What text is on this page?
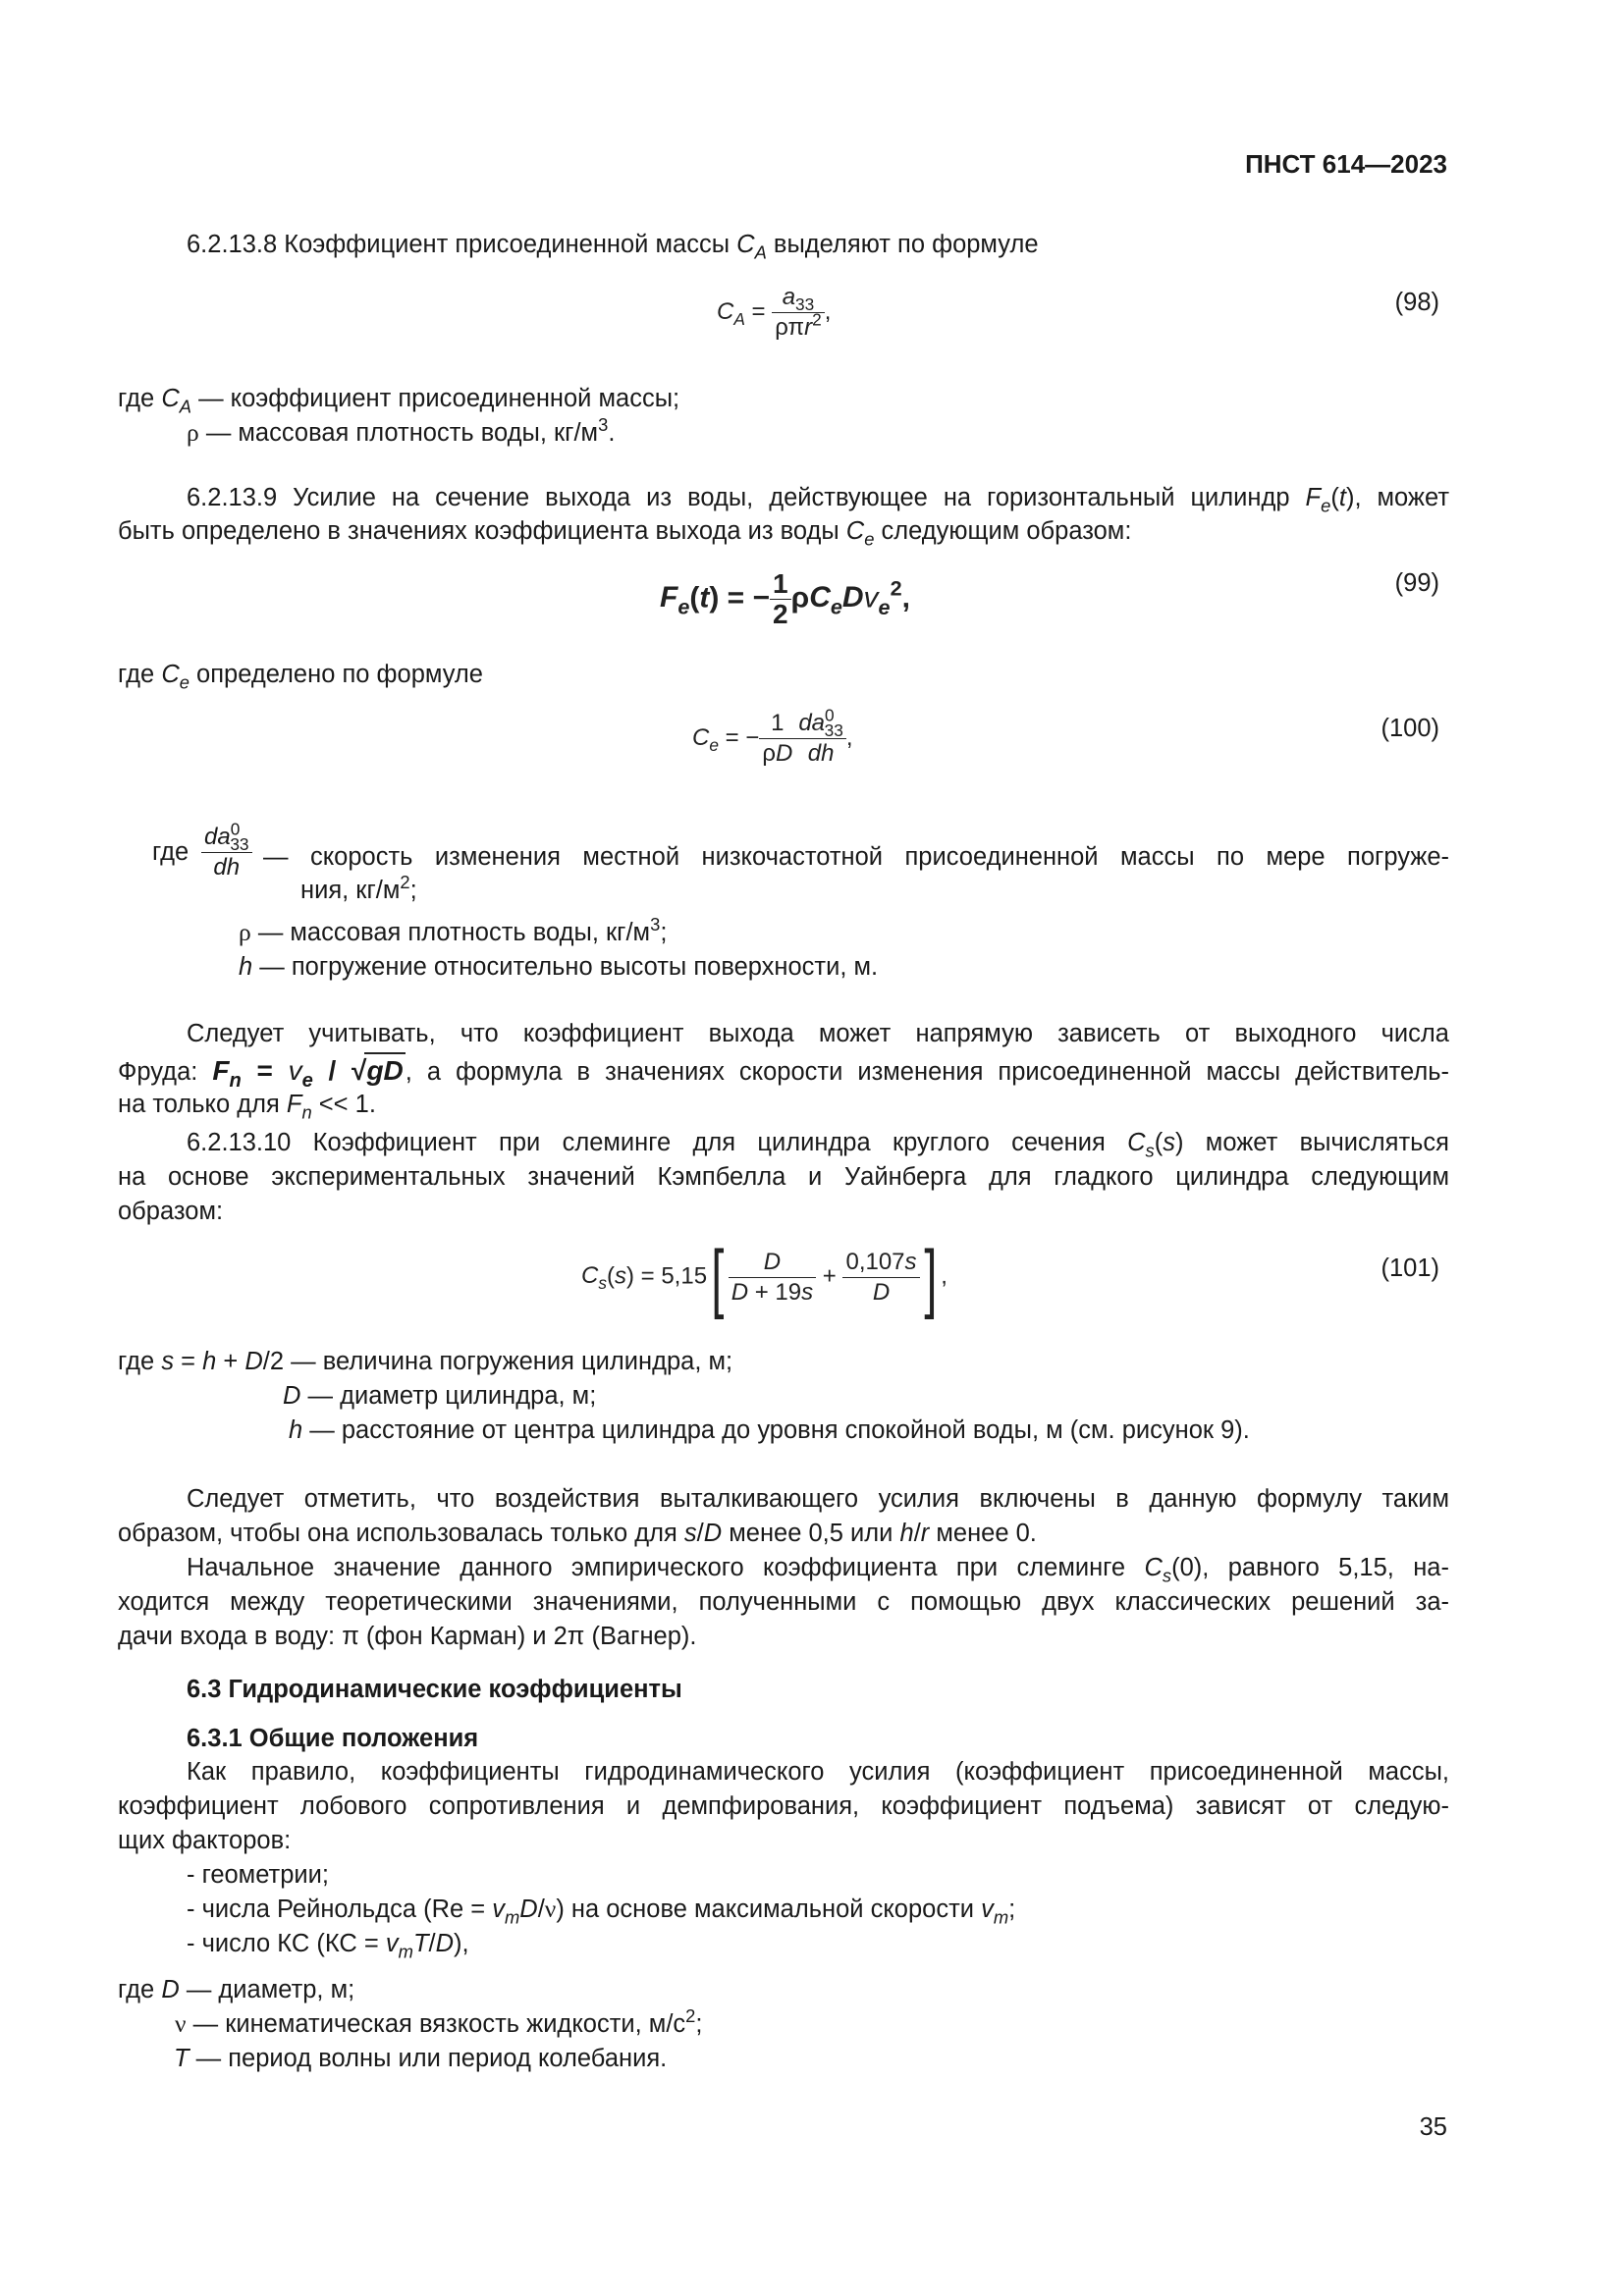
ПНСТ 614—2023
6.2.13.8 Коэффициент присоединенной массы $C_A$ выделяют по формуле
$C_A = \frac{a_{33}}{\rho\pi r^2}$ ,	(98)
где $C_A$ — коэффициент присоединенной массы;
ρ — массовая плотность воды, $кг/м^3$.
6.2.13.9 Усилие на сечение выхода из воды, действующее на горизонтальный цилиндр $F_e(t)$, может
быть определено в значениях коэффициента выхода из воды $C_e$ следующим образом:
$F_e(t)$ = − $\frac{1}{2} \rho C_eDv_e^2$,	(99)
где $C_e$ определено по формуле
$C_e$ = − $\frac{1}{\rho D} \frac{da^0_{33}}{dh}$ ,	(100)
где $\frac{da^0_{33}}{dh}$ — скорость изменения местной низкочастотной присоединенной массы по мере погруже-
ния, $кг/м^2$;
ρ — массовая плотность воды, $кг/м^3$;
h — погружение относительно высоты поверхности, м.
Следует учитывать, что коэффициент выхода может напрямую зависеть от выходного числа
Фруда: $F_n = v_e / √gD$, а формула в значениях скорости изменения присоединенной массы действитель-
на только для $F_n << 1$.
6.2.13.10 Коэффициент при слеминге для цилиндра круглого сечения $C_s(s)$ может вычисляться
на основе экспериментальных значений Кэмпбелла и Уайнберга для гладкого цилиндра следующим
образом:
$C_s(s) = 5,15[ \frac{D}{D + 19s} + \frac{0,107s}{D}$ ] ,	(101)
где s = h + D/2 — величина погружения цилиндра, м;
D — диаметр цилиндра, м;
h — расстояние от центра цилиндра до уровня спокойной воды, м (см. рисунок 9).
Следует отметить, что воздействия выталкивающего усилия включены в данную формулу таким
образом, чтобы она использовалась только для s/D менее 0,5 или h/r менее 0.
Начальное значение данного эмпирического коэффициента при слеминге $C_s(0)$, равного 5,15, на-
ходится между теоретическими значениями, полученными с помощью двух классических решений за-
дачи входа в воду: π (фон Карман) и 2π (Вагнер).
6.3 Гидродинамические коэффициенты
6.3.1 Общие положения
Как правило, коэффициенты гидродинамического усилия (коэффициент присоединенной массы,
коэффициент лобового сопротивления и демпфирования, коэффициент подъема) зависят от следую-
щих факторов:
- геометрии;
- числа Рейнольдса $(Re = v_mD/\nu)$ на основе максимальной скорости $v_m$;
- число КС $(КС = v_mT/D)$,
где D — диаметр, м;
ν — кинематическая вязкость жидкости, $м/с^2$;
T — период волны или период колебания.
35
